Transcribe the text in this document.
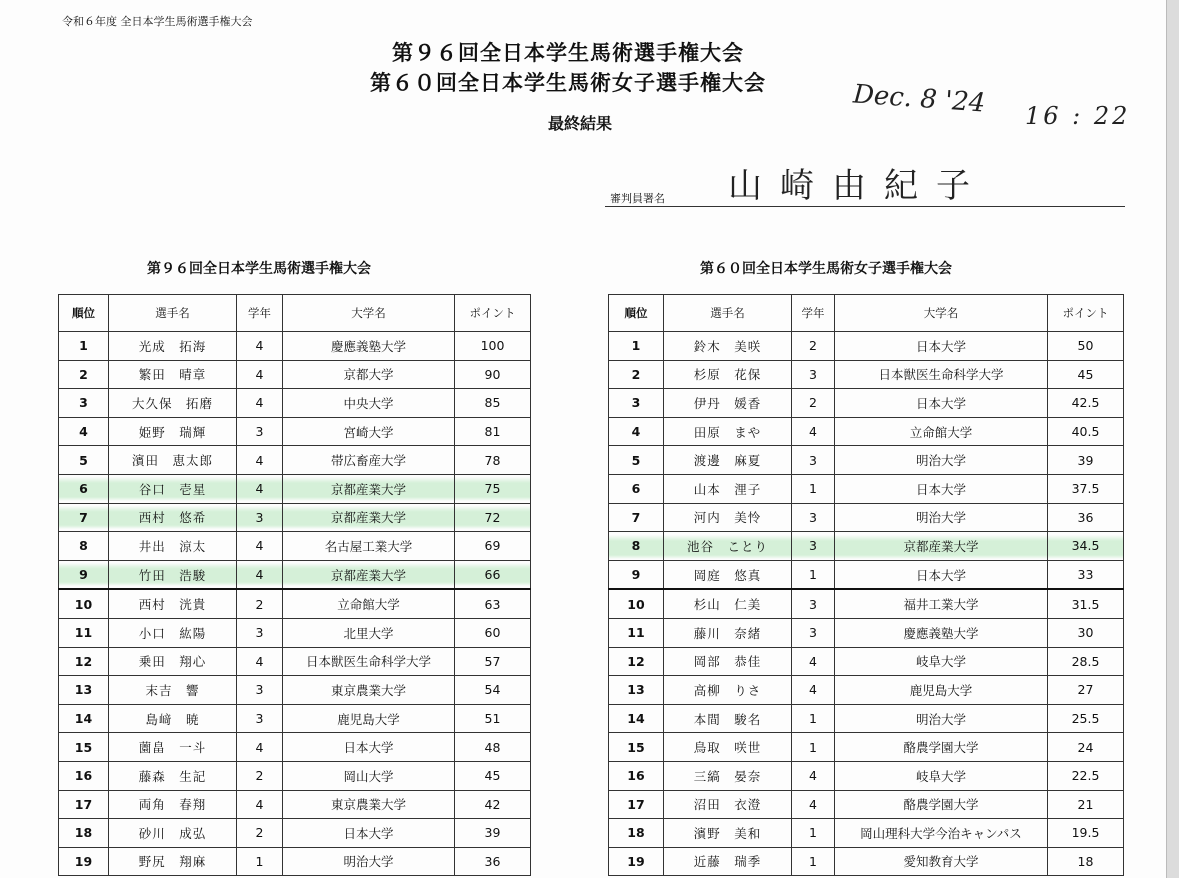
令和６年度 全日本学生馬術選手権大会
第９６回全日本学生馬術選手権大会
第６０回全日本学生馬術女子選手権大会
最終結果
Dec. 8 '24 16 : 22
山崎由紀子
審判員署名
第９６回全日本学生馬術選手権大会	第６０回全日本学生馬術女子選手権大会
順位	選手名	学年	大学名	ポイント
1	光成　拓海	4	慶應義塾大学	100
2	繁田　晴章	4	京都大学	90
3	大久保　拓磨	4	中央大学	85
4	姫野　瑞輝	3	宮崎大学	81
5	濱田　恵太郎	4	帯広畜産大学	78
6	谷口　壱星	4	京都産業大学	75
7	西村　悠希	3	京都産業大学	72
8	井出　涼太	4	名古屋工業大学	69
9	竹田　浩駿	4	京都産業大学	66
10	西村　洸貴	2	立命館大学	63
11	小口　紘陽	3	北里大学	60
12	乗田　翔心	4	日本獣医生命科学大学	57
13	末吉　響	3	東京農業大学	54
14	島﨑　暁	3	鹿児島大学	51
15	薗畠　一斗	4	日本大学	48
16	藤森　生記	2	岡山大学	45
17	両角　春翔	4	東京農業大学	42
18	砂川　成弘	2	日本大学	39
19	野尻　翔麻	1	明治大学	36
順位	選手名	学年	大学名	ポイント
1	鈴木　美咲	2	日本大学	50
2	杉原　花保	3	日本獣医生命科学大学	45
3	伊丹　媛香	2	日本大学	42.5
4	田原　まや	4	立命館大学	40.5
5	渡邊　麻夏	3	明治大学	39
6	山本　浬子	1	日本大学	37.5
7	河内　美怜	3	明治大学	36
8	池谷　ことり	3	京都産業大学	34.5
9	岡庭　悠真	1	日本大学	33
10	杉山　仁美	3	福井工業大学	31.5
11	藤川　奈緒	3	慶應義塾大学	30
12	岡部　恭佳	4	岐阜大学	28.5
13	高柳　りさ	4	鹿児島大学	27
14	本間　駿名	1	明治大学	25.5
15	鳥取　咲世	1	酪農学園大学	24
16	三縞　晏奈	4	岐阜大学	22.5
17	沼田　衣澄	4	酪農学園大学	21
18	濱野　美和	1	岡山理科大学今治キャンパス	19.5
19	近藤　瑞季	1	愛知教育大学	18
